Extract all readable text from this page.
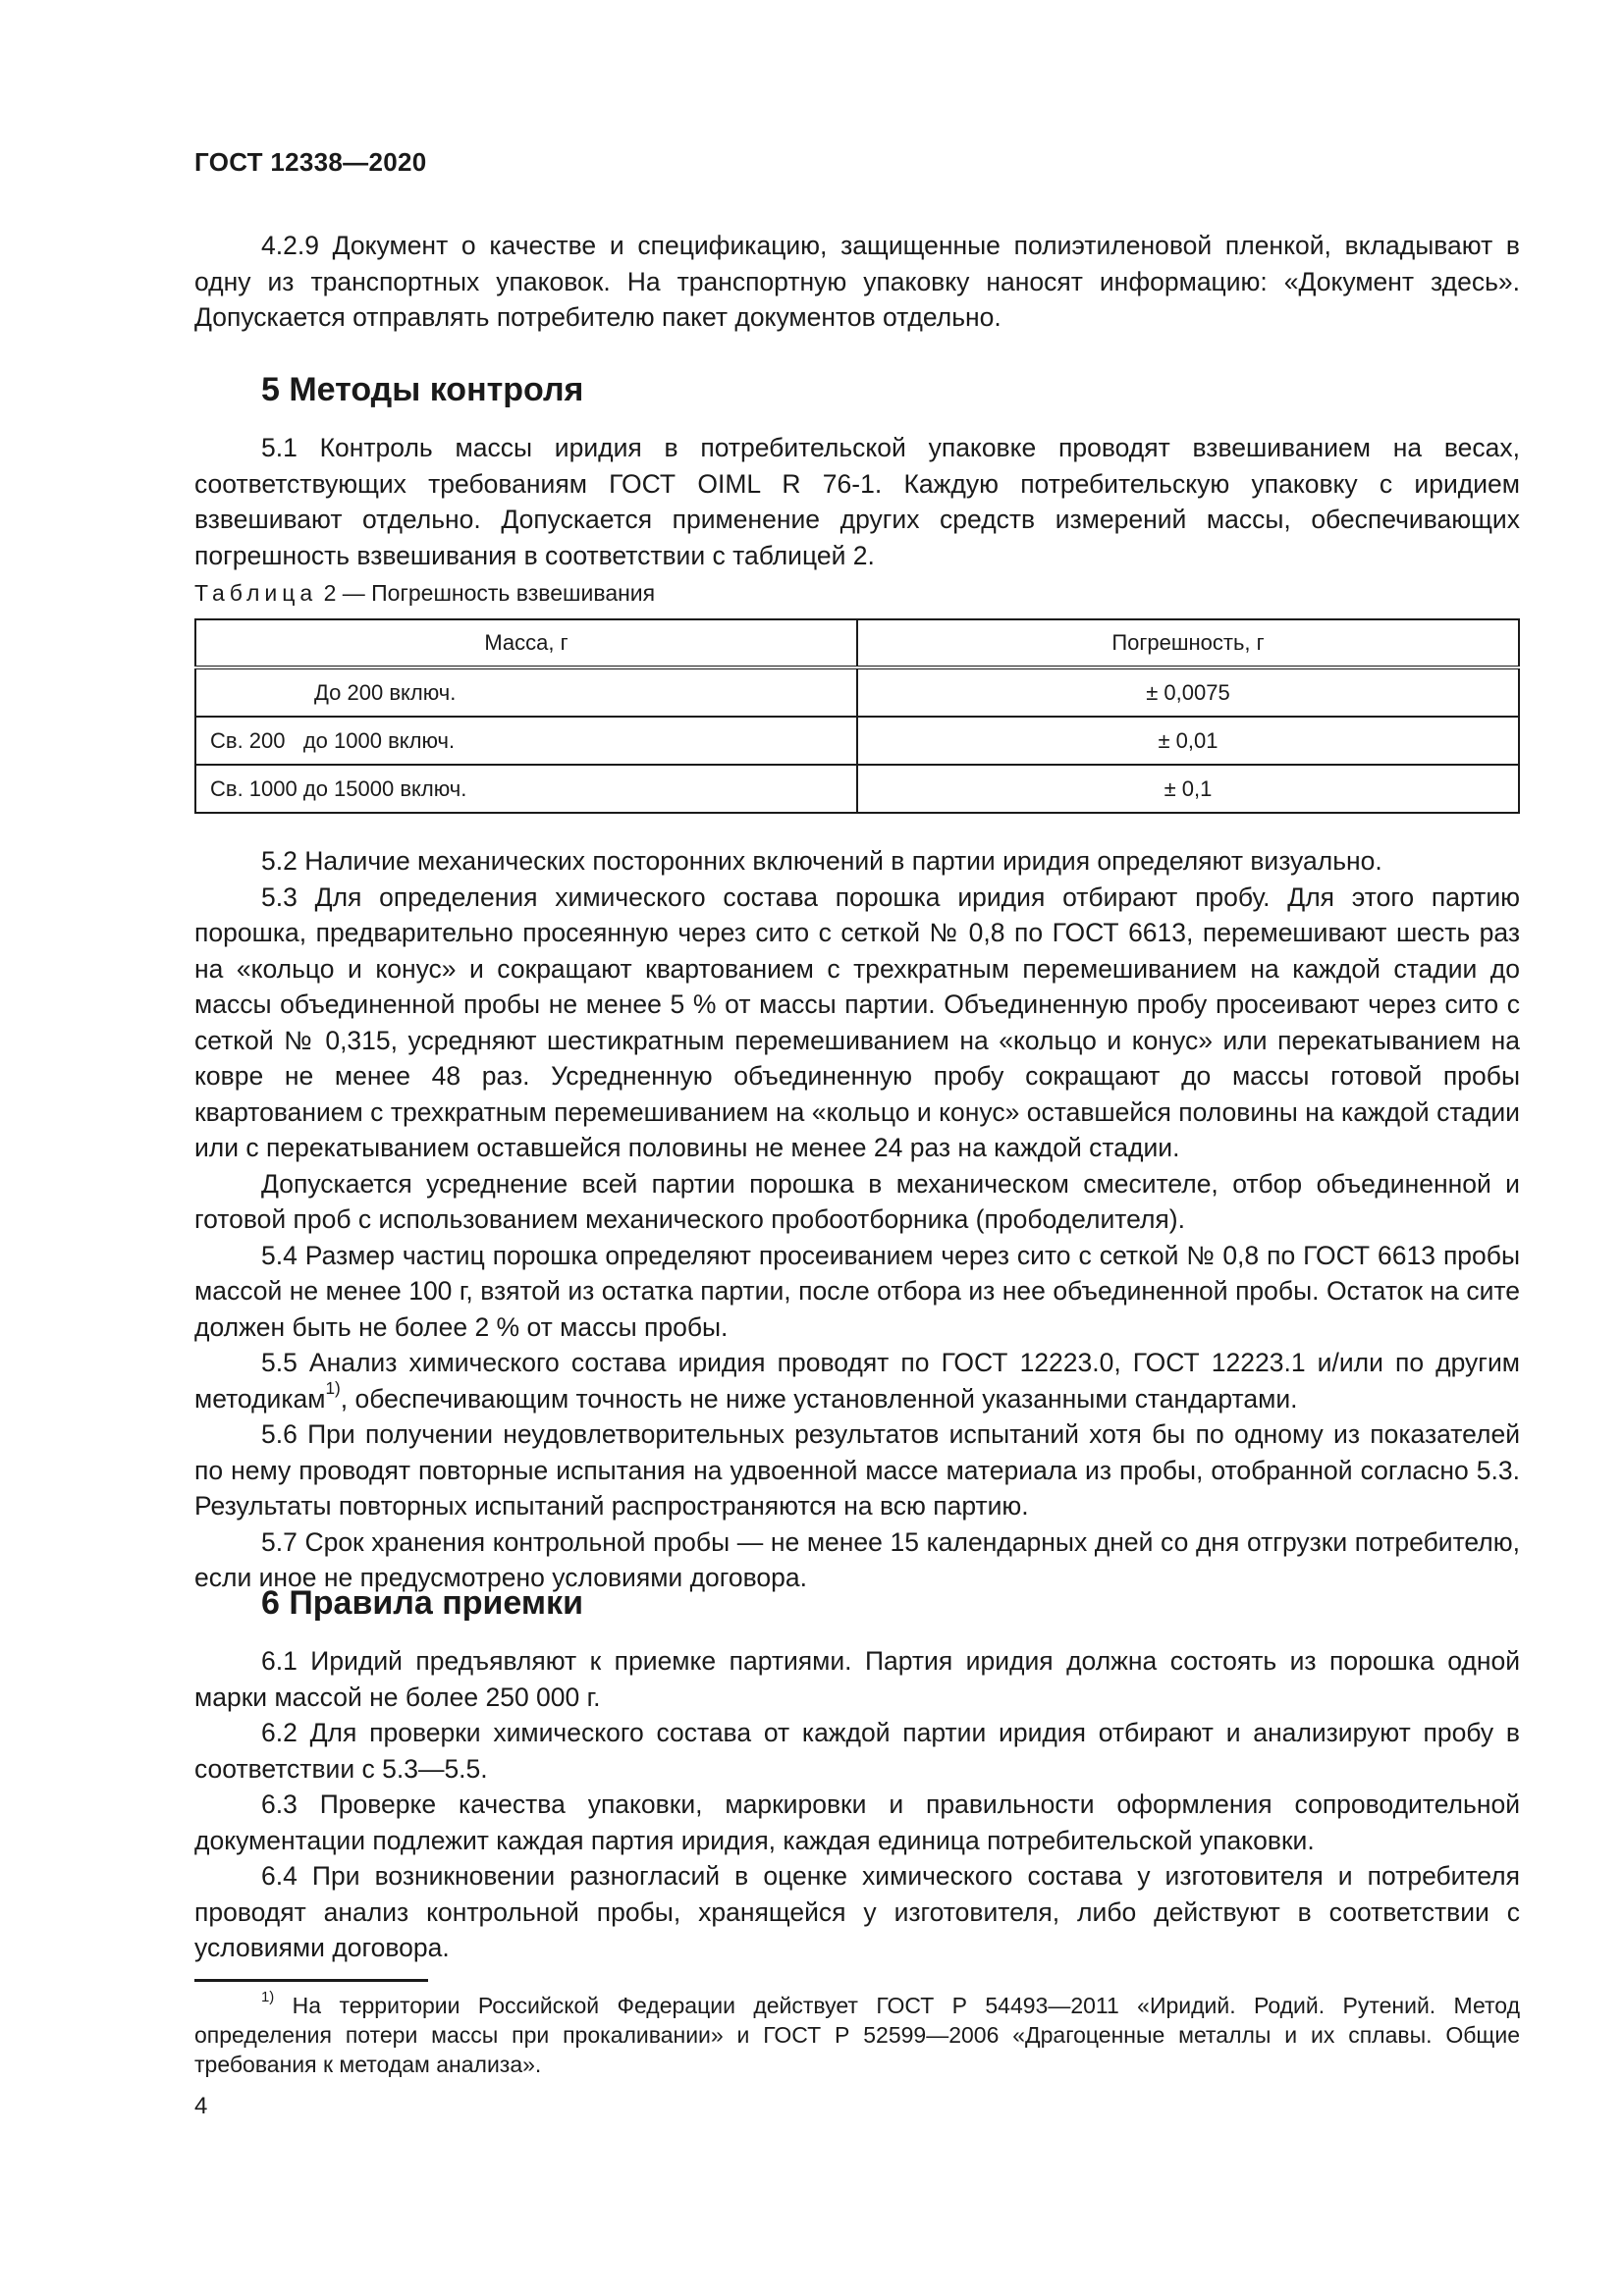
ГОСТ 12338—2020

4.2.9 Документ о качестве и спецификацию, защищенные полиэтиленовой пленкой, вкладывают в одну из транспортных упаковок. На транспортную упаковку наносят информацию: «Документ здесь». Допускается отправлять потребителю пакет документов отдельно.

5 Методы контроля

5.1 Контроль массы иридия в потребительской упаковке проводят взвешиванием на весах, соответствующих требованиям ГОСТ OIML R 76-1. Каждую потребительскую упаковку с иридием взвешивают отдельно. Допускается применение других средств измерений массы, обеспечивающих погрешность взвешивания в соответствии с таблицей 2.

Таблица 2 — Погрешность взвешивания
Масса, г	Погрешность, г
До 200 включ.	± 0,0075
Св. 200   до 1000 включ.	± 0,01
Св. 1000 до 15000 включ.	± 0,1

5.2 Наличие механических посторонних включений в партии иридия определяют визуально.

5.3 Для определения химического состава порошка иридия отбирают пробу. Для этого партию порошка, предварительно просеянную через сито с сеткой № 0,8 по ГОСТ 6613, перемешивают шесть раз на «кольцо и конус» и сокращают квартованием с трехкратным перемешиванием на каждой стадии до массы объединенной пробы не менее 5 % от массы партии. Объединенную пробу просеивают через сито с сеткой № 0,315, усредняют шестикратным перемешиванием на «кольцо и конус» или перекатыванием на ковре не менее 48 раз. Усредненную объединенную пробу сокращают до массы готовой пробы квартованием с трехкратным перемешиванием на «кольцо и конус» оставшейся половины на каждой стадии или с перекатыванием оставшейся половины не менее 24 раз на каждой стадии.

Допускается усреднение всей партии порошка в механическом смесителе, отбор объединенной и готовой проб с использованием механического пробоотборника (прободелителя).

5.4 Размер частиц порошка определяют просеиванием через сито с сеткой № 0,8 по ГОСТ 6613 пробы массой не менее 100 г, взятой из остатка партии, после отбора из нее объединенной пробы. Остаток на сите должен быть не более 2 % от массы пробы.

5.5 Анализ химического состава иридия проводят по ГОСТ 12223.0, ГОСТ 12223.1 и/или по другим методикам$^{1)}$, обеспечивающим точность не ниже установленной указанными стандартами.

5.6 При получении неудовлетворительных результатов испытаний хотя бы по одному из показателей по нему проводят повторные испытания на удвоенной массе материала из пробы, отобранной согласно 5.3. Результаты повторных испытаний распространяются на всю партию.

5.7 Срок хранения контрольной пробы — не менее 15 календарных дней со дня отгрузки потребителю, если иное не предусмотрено условиями договора.

6 Правила приемки

6.1 Иридий предъявляют к приемке партиями. Партия иридия должна состоять из порошка одной марки массой не более 250 000 г.

6.2 Для проверки химического состава от каждой партии иридия отбирают и анализируют пробу в соответствии с 5.3—5.5.

6.3 Проверке качества упаковки, маркировки и правильности оформления сопроводительной документации подлежит каждая партия иридия, каждая единица потребительской упаковки.

6.4 При возникновении разногласий в оценке химического состава у изготовителя и потребителя проводят анализ контрольной пробы, хранящейся у изготовителя, либо действуют в соответствии с условиями договора.

$^{1)}$ На территории Российской Федерации действует ГОСТ Р 54493—2011 «Иридий. Родий. Рутений. Метод определения потери массы при прокаливании» и ГОСТ Р 52599—2006 «Драгоценные металлы и их сплавы. Общие требования к методам анализа».
4
